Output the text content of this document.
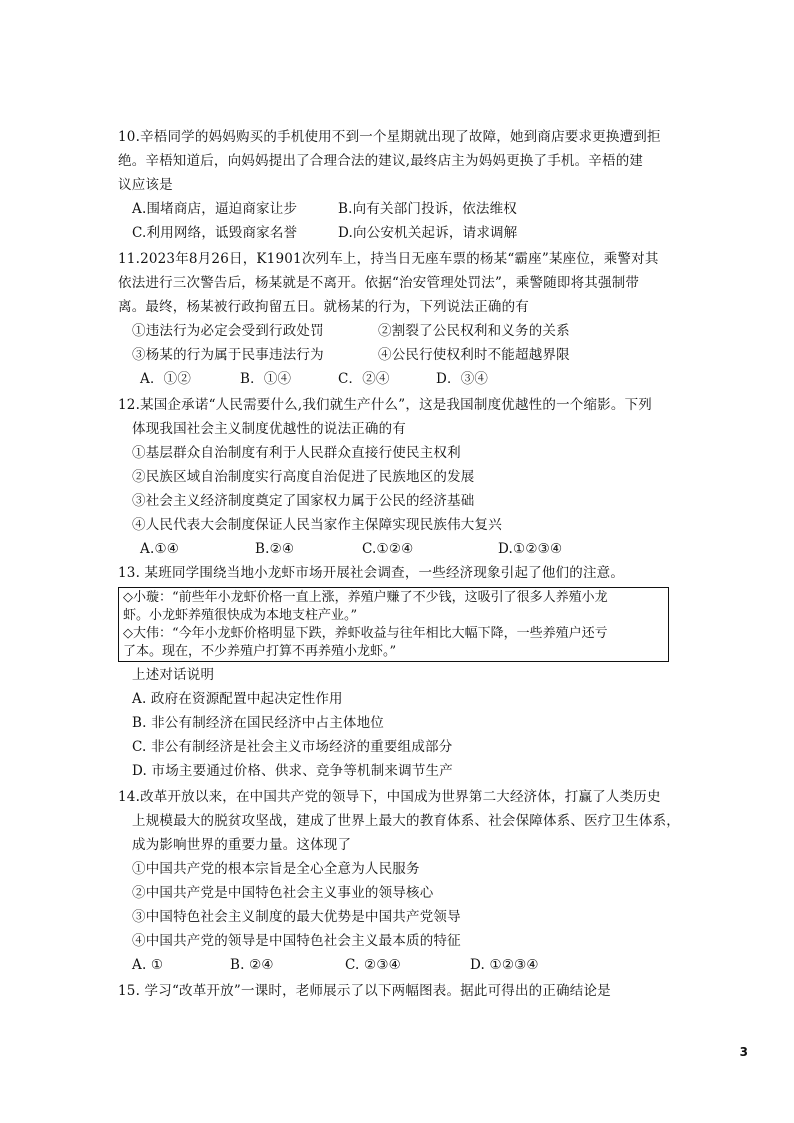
10.辛梧同学的妈妈购买的手机使用不到一个星期就出现了故障，她到商店要求更换遭到拒
绝。辛梧知道后，向妈妈提出了合理合法的建议,最终店主为妈妈更换了手机。辛梧的建
议应该是
A.围堵商店，逼迫商家让步	B.向有关部门投诉，依法维权
C.利用网络，诋毁商家名誉	D.向公安机关起诉，请求调解
11.2023年8月26日，K1901次列车上，持当日无座车票的杨某“霸座”某座位，乘警对其
依法进行三次警告后，杨某就是不离开。依据“治安管理处罚法”，乘警随即将其强制带
离。最终，杨某被行政拘留五日。就杨某的行为，下列说法正确的有
①违法行为必定会受到行政处罚	②割裂了公民权利和义务的关系
③杨某的行为属于民事违法行为	④公民行使权利时不能超越界限
A．①②	B．①④	C．②④	D．③④
12.某国企承诺“人民需要什么,我们就生产什么”，这是我国制度优越性的一个缩影。下列
体现我国社会主义制度优越性的说法正确的有
①基层群众自治制度有利于人民群众直接行使民主权利
②民族区域自治制度实行高度自治促进了民族地区的发展
③社会主义经济制度奠定了国家权力属于公民的经济基础
④人民代表大会制度保证人民当家作主保障实现民族伟大复兴
A.①④	B.②④	C.①②④	D.①②③④
13. 某班同学围绕当地小龙虾市场开展社会调查，一些经济现象引起了他们的注意。
◇小璇：“前些年小龙虾价格一直上涨，养殖户赚了不少钱，这吸引了很多人养殖小龙
虾。小龙虾养殖很快成为本地支柱产业。”
◇大伟：“今年小龙虾价格明显下跌，养虾收益与往年相比大幅下降，一些养殖户还亏
了本。现在，不少养殖户打算不再养殖小龙虾。”
上述对话说明
A. 政府在资源配置中起决定性作用
B. 非公有制经济在国民经济中占主体地位
C. 非公有制经济是社会主义市场经济的重要组成部分
D. 市场主要通过价格、供求、竞争等机制来调节生产
14.改革开放以来，在中国共产党的领导下，中国成为世界第二大经济体，打赢了人类历史
上规模最大的脱贫攻坚战，建成了世界上最大的教育体系、社会保障体系、医疗卫生体系，
成为影响世界的重要力量。这体现了
①中国共产党的根本宗旨是全心全意为人民服务
②中国共产党是中国特色社会主义事业的领导核心
③中国特色社会主义制度的最大优势是中国共产党领导
④中国共产党的领导是中国特色社会主义最本质的特征
A. ①	B. ②④	C. ②③④	D. ①②③④
15. 学习“改革开放”一课时，老师展示了以下两幅图表。据此可得出的正确结论是
3
